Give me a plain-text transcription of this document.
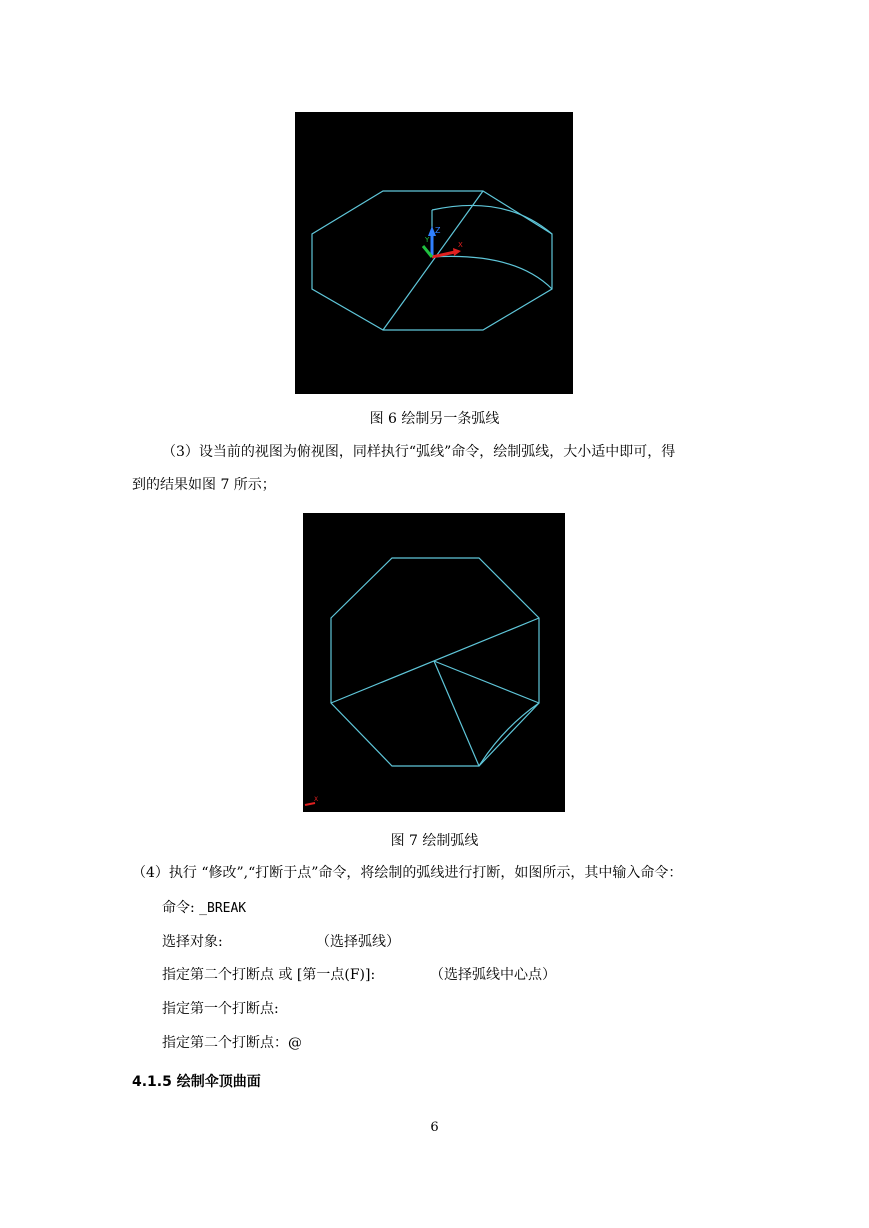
Z
X
Y
图 6 绘制另一条弧线
（3）设当前的视图为俯视图，同样执行“弧线”命令，绘制弧线，大小适中即可，得
到的结果如图 7 所示；
X
图 7 绘制弧线
（4）执行 “修改”,“打断于点”命令，将绘制的弧线进行打断，如图所示，其中输入命令：
命令: _BREAK
选择对象:	（选择弧线）
指定第二个打断点 或 [第一点(F)]:	（选择弧线中心点）
指定第一个打断点:
指定第二个打断点：@
4.1.5 绘制伞顶曲面
6
